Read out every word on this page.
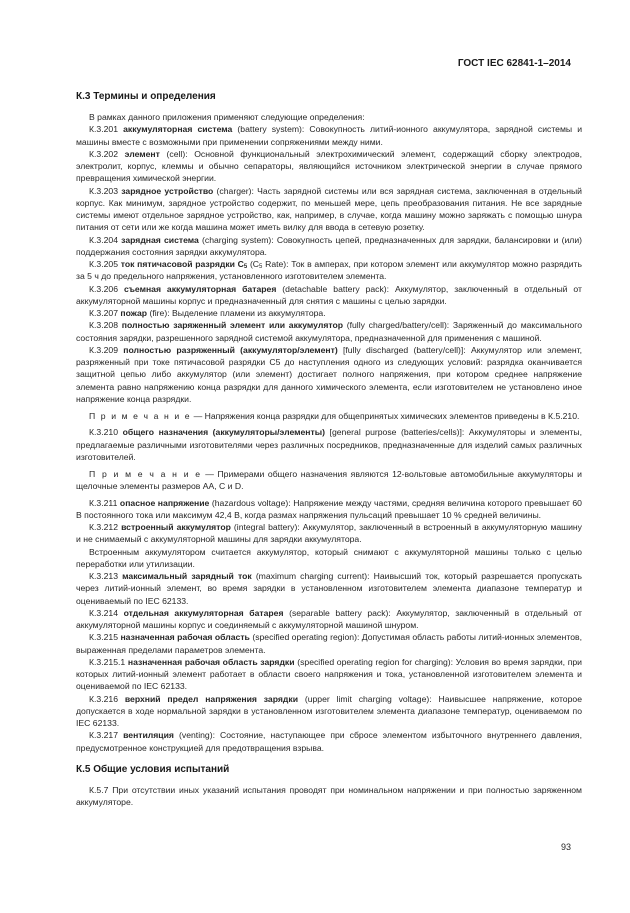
ГОСТ IEC 62841-1–2014
К.3 Термины и определения

В рамках данного приложения применяют следующие определения:

К.3.201 аккумуляторная система (battery system): Совокупность литий-ионного аккумулятора, зарядной системы и машины вместе с возможными при применении сопряжениями между ними.

К.3.202 элемент (cell): Основной функциональный электрохимический элемент, содержащий сборку электродов, электролит, корпус, клеммы и обычно сепараторы, являющийся источником электрической энергии в случае прямого превращения химической энергии.

К.3.203 зарядное устройство (charger): Часть зарядной системы или вся зарядная система, заключенная в отдельный корпус. Как минимум, зарядное устройство содержит, по меньшей мере, цепь преобразования питания. Не все зарядные системы имеют отдельное зарядное устройство, как, например, в случае, когда машину можно заряжать с помощью шнура питания от сети или же когда машина может иметь вилку для ввода в сетевую розетку.

К.3.204 зарядная система (charging system): Совокупность цепей, предназначенных для зарядки, балансировки и (или) поддержания состояния зарядки аккумулятора.

К.3.205 ток пятичасовой разрядки $С_5$ ($С_5$ Rate): Ток в амперах, при котором элемент или аккумулятор можно разрядить за 5 ч до предельного напряжения, установленного изготовителем элемента.

К.3.206 съемная аккумуляторная батарея (detachable battery pack): Аккумулятор, заключенный в отдельный от аккумуляторной машины корпус и предназначенный для снятия с машины с целью зарядки.

К.3.207 пожар (fire): Выделение пламени из аккумулятора.

К.3.208 полностью заряженный элемент или аккумулятор (fully charged/battery/cell): Заряженный до максимального состояния зарядки, разрешенного зарядной системой аккумулятора, предназначенной для применения с машиной.

К.3.209 полностью разряженный (аккумулятор/элемент) [fully discharged (battery/cell)]: Аккумулятор или элемент, разряженный при токе пятичасовой разрядки С5 до наступления одного из следующих условий: разрядка оканчивается защитной цепью либо аккумулятор (или элемент) достигает полного напряжения, при котором среднее напряжение элемента равно напряжению конца разрядки для данного химического элемента, если изготовителем не установлено иное напряжение конца разрядки.

П р и м е ч а н и е — Напряжения конца разрядки для общепринятых химических элементов приведены в К.5.210.

К.3.210 общего назначения (аккумуляторы/элементы) [general purpose (batteries/cells)]: Аккумуляторы и элементы, предлагаемые различными изготовителями через различных посредников, предназначенные для изделий самых различных изготовителей.

П р и м е ч а н и е — Примерами общего назначения являются 12-вольтовые автомобильные аккумуляторы и щелочные элементы размеров АА, С и D.

К.3.211 опасное напряжение (hazardous voltage): Напряжение между частями, средняя величина которого превышает 60 В постоянного тока или максимум 42,4 В, когда размах напряжения пульсаций превышает 10 % средней величины.

К.3.212 встроенный аккумулятор (integral battery): Аккумулятор, заключенный в встроенный в аккумуляторную машину и не снимаемый с аккумуляторной машины для зарядки аккумулятора.

Встроенным аккумулятором считается аккумулятор, который снимают с аккумуляторной машины только с целью переработки или утилизации.

К.3.213 максимальный зарядный ток (maximum charging current): Наивысший ток, который разрешается пропускать через литий-ионный элемент, во время зарядки в установленном изготовителем элемента диапазоне температур и оцениваемый по IEC 62133.

К.3.214 отдельная аккумуляторная батарея (separable battery pack): Аккумулятор, заключенный в отдельный от аккумуляторной машины корпус и соединяемый с аккумуляторной машиной шнуром.

К.3.215 назначенная рабочая область (specified operating region): Допустимая область работы литий-ионных элементов, выраженная пределами параметров элемента.

К.3.215.1 назначенная рабочая область зарядки (specified operating region for charging): Условия во время зарядки, при которых литий-ионный элемент работает в области своего напряжения и тока, установленной изготовителем элемента и оцениваемой по IEC 62133.

К.3.216 верхний предел напряжения зарядки (upper limit charging voltage): Наивысшее напряжение, которое допускается в ходе нормальной зарядки в установленном изготовителем элемента диапазоне температур, оцениваемом по IEC 62133.

К.3.217 вентиляция (venting): Состояние, наступающее при сбросе элементом избыточного внутреннего давления, предусмотренное конструкцией для предотвращения взрыва.

К.5 Общие условия испытаний

К.5.7 При отсутствии иных указаний испытания проводят при номинальном напряжении и при полностью заряженном аккумуляторе.

93
